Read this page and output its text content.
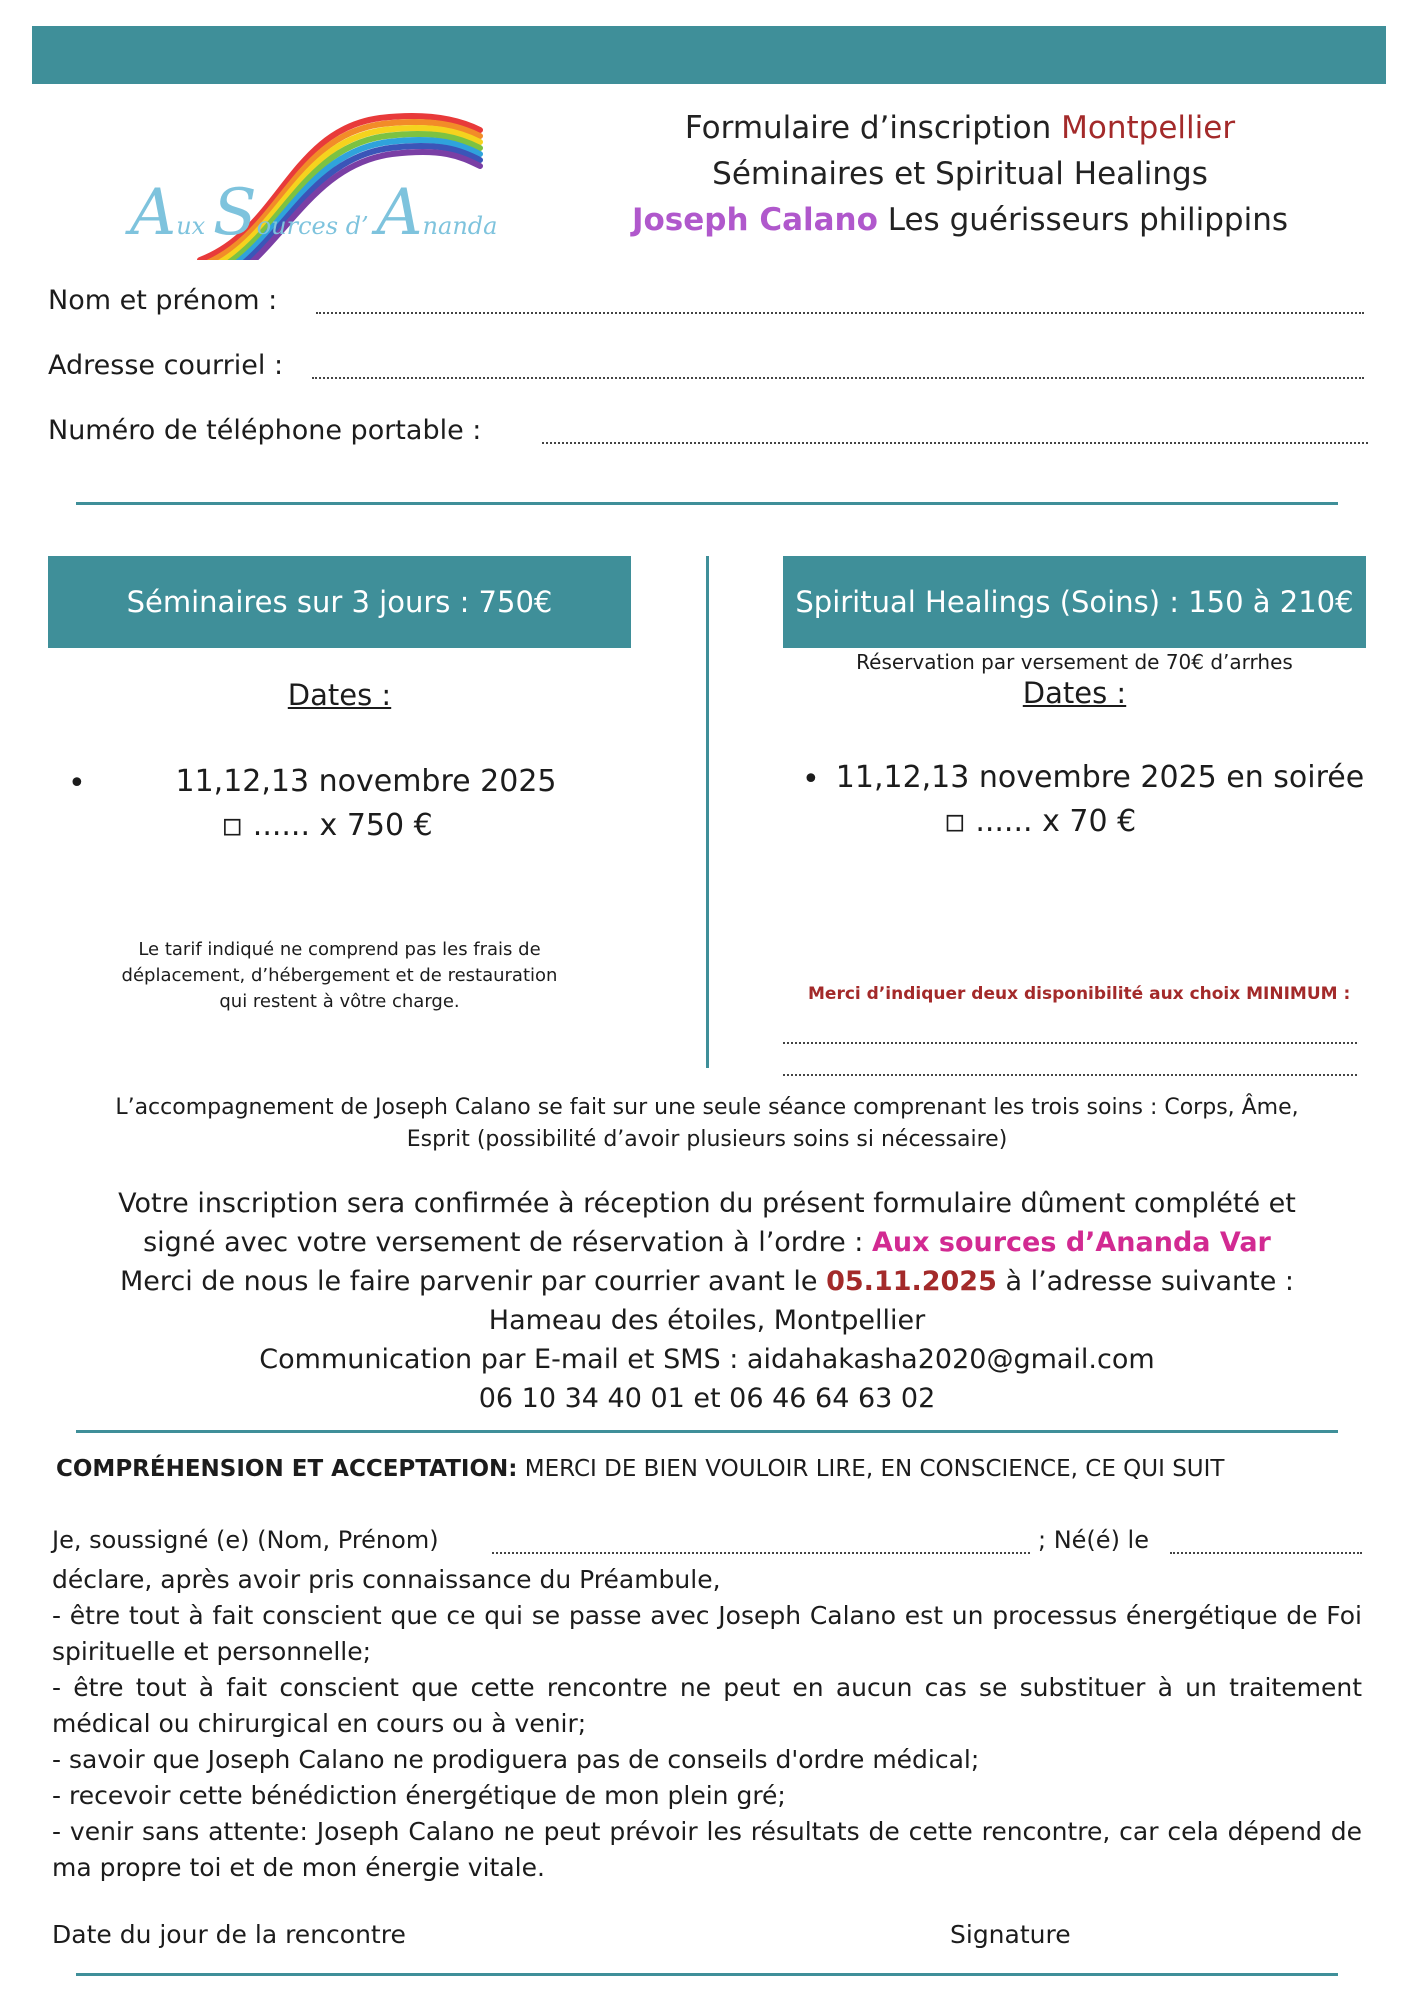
Aux Sources d’ Ananda
Formulaire d’inscription Montpellier
Séminaires et Spiritual Healings
Joseph Calano Les guérisseurs philippins
Nom et prénom :
Adresse courriel :
Numéro de téléphone portable :
Séminaires sur 3 jours : 750€
Dates :
•	11,12,13 novembre 2025
◽ ...... x 750 €
Le tarif indiqué ne comprend pas les frais de
déplacement, d’hébergement et de restauration
qui restent à vôtre charge.
Spiritual Healings (Soins) : 150 à 210€
Réservation par versement de 70€ d’arrhes
Dates :
• 11,12,13 novembre 2025 en soirée
◽ ...... x 70 €
Merci d’indiquer deux disponibilité aux choix MINIMUM :
L’accompagnement de Joseph Calano se fait sur une seule séance comprenant les trois soins : Corps, Âme,
Esprit (possibilité d’avoir plusieurs soins si nécessaire)
Votre inscription sera confirmée à réception du présent formulaire dûment complété et
signé avec votre versement de réservation à l’ordre : Aux sources d’Ananda Var
Merci de nous le faire parvenir par courrier avant le 05.11.2025 à l’adresse suivante :
Hameau des étoiles, Montpellier
Communication par E-mail et SMS : aidahakasha2020@gmail.com
06 10 34 40 01 et 06 46 64 63 02
COMPRÉHENSION ET ACCEPTATION: MERCI DE BIEN VOULOIR LIRE, EN CONSCIENCE, CE QUI SUIT
Je, soussigné (e) (Nom, Prénom)	; Né(é) le
déclare, après avoir pris connaissance du Préambule,
- être tout à fait conscient que ce qui se passe avec Joseph Calano est un processus énergétique de Foi spirituelle et personnelle;
- être tout à fait conscient que cette rencontre ne peut en aucun cas se substituer à un traitement médical ou chirurgical en cours ou à venir;
- savoir que Joseph Calano ne prodiguera pas de conseils d'ordre médical;
- recevoir cette bénédiction énergétique de mon plein gré;
- venir sans attente: Joseph Calano ne peut prévoir les résultats de cette rencontre, car cela dépend de ma propre toi et de mon énergie vitale.
Date du jour de la rencontre	Signature
